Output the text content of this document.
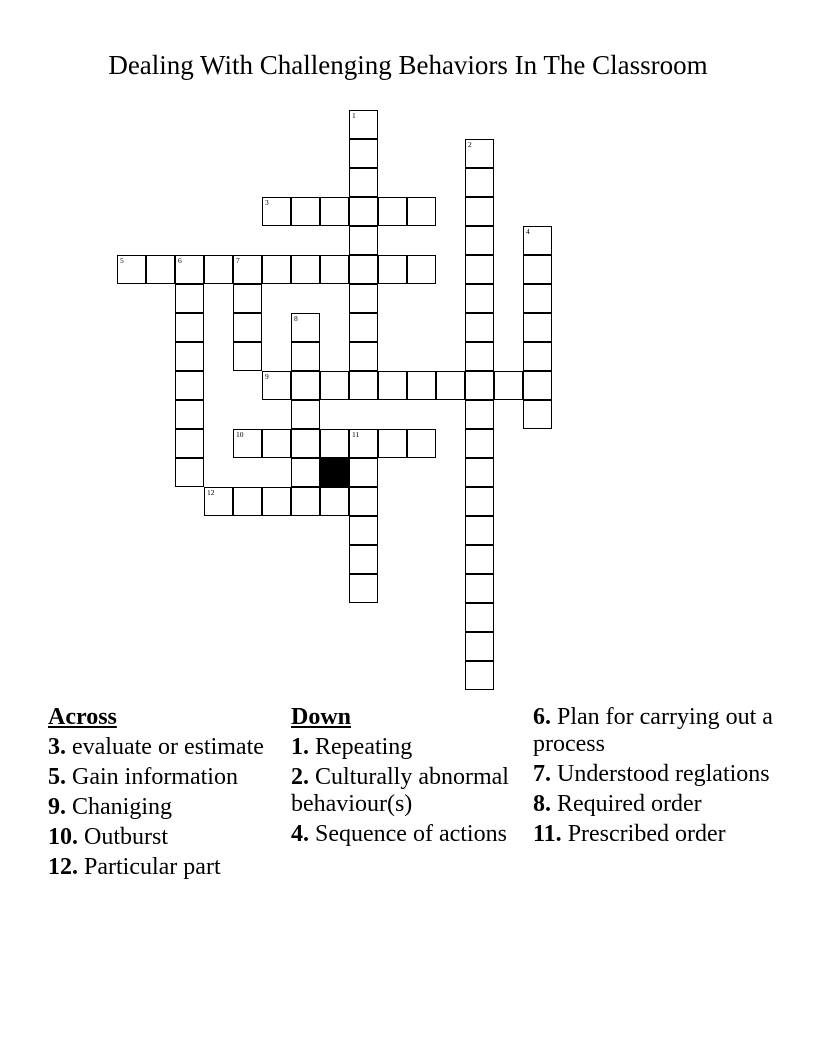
Dealing With Challenging Behaviors In The Classroom
1
2
3
4
5	6	7
8
9
10	11
12
Across
3. evaluate or estimate
5. Gain information
9. Chaniging
10. Outburst
12. Particular part
Down
1. Repeating
2. Culturally abnormal behaviour(s)
4. Sequence of actions
6. Plan for carrying out a process
7. Understood reglations
8. Required order
11. Prescribed order
